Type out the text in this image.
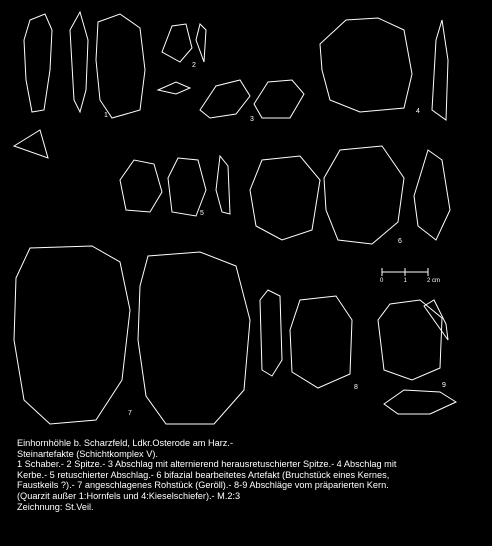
1
2
3
4
5
6
7
8	9
0	1	2 cm
Einhornhöhle b. Scharzfeld, Ldkr.Osterode am Harz.-
Steinartefakte (Schichtkomplex V).
1 Schaber.- 2 Spitze.- 3 Abschlag mit alternierend herausretuschierter Spitze.- 4 Abschlag mit
Kerbe.- 5 retuschierter Abschlag.- 6 bifazial bearbeitetes Artefakt (Bruchstück eines Kernes,
Faustkeils ?).- 7 angeschlagenes Rohstück (Geröll).- 8-9 Abschläge vom präparierten Kern.
(Quarzit außer 1:Hornfels und 4:Kieselschiefer).- M.2:3
Zeichnung: St.Veil.
